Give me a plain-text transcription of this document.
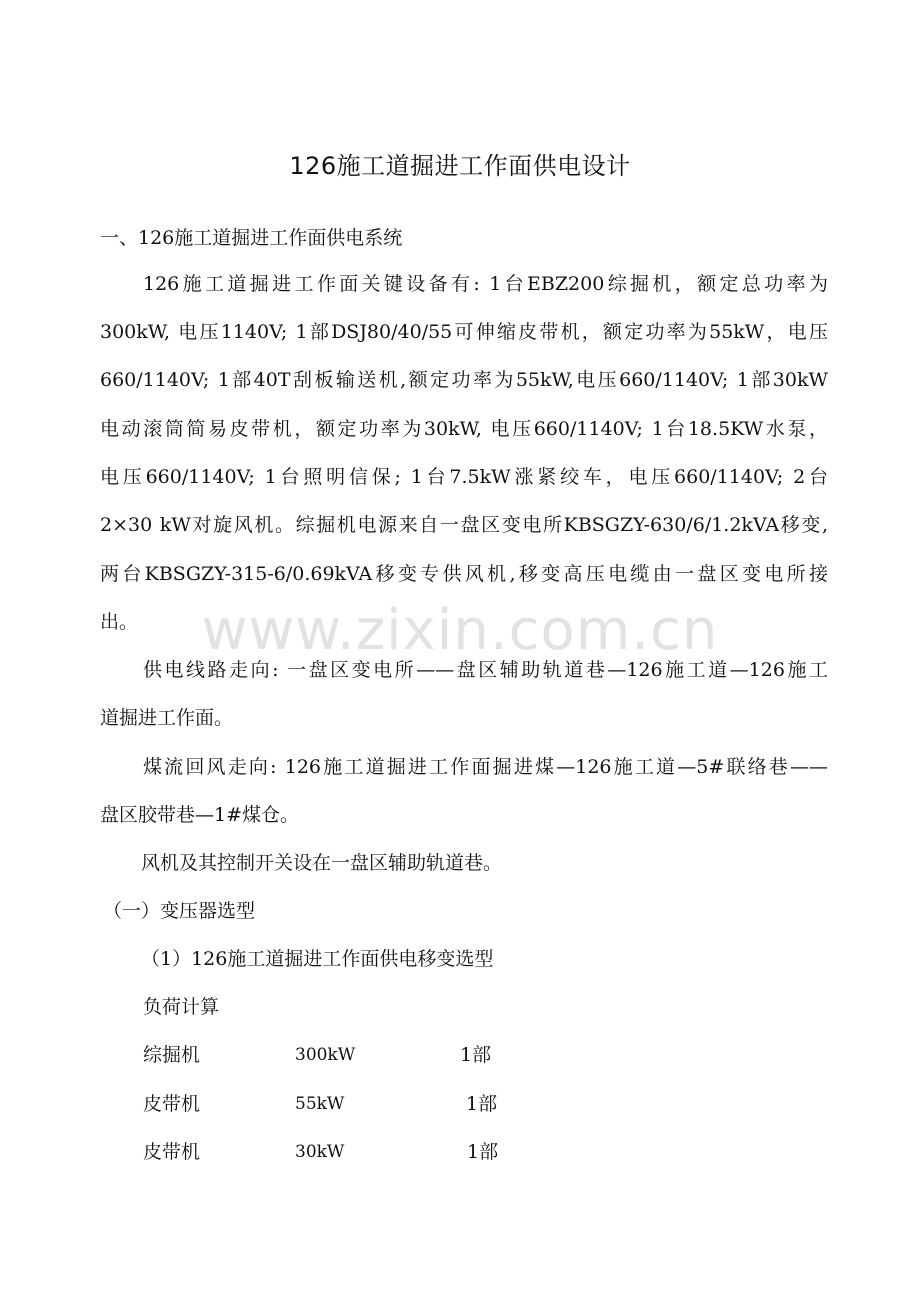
www.zixin.com.cn
126施工道掘进工作面供电设计
一、126施工道掘进工作面供电系统
126施工道掘进工作面关键设备有: 1台EBZ200综掘机，额定总功率为
300kW, 电压1140V; 1部DSJ80/40/55可伸缩皮带机，额定功率为55kW，电压
660/1140V; 1部40T刮板输送机,额定功率为55kW,电压660/1140V; 1部30kW
电动滚筒简易皮带机，额定功率为30kW, 电压660/1140V; 1台18.5KW水泵，
电压660/1140V; 1台照明信保; 1台7.5kW涨紧绞车，电压660/1140V; 2台
2×30 kW对旋风机。综掘机电源来自一盘区变电所KBSGZY-630/6/1.2kVA移变,
两台KBSGZY-315-6/0.69kVA移变专供风机,移变高压电缆由一盘区变电所接
出。
供电线路走向: 一盘区变电所——盘区辅助轨道巷—126施工道—126施工
道掘进工作面。
煤流回风走向: 126施工道掘进工作面掘进煤—126施工道—5#联络巷——
盘区胶带巷—1#煤仓。
风机及其控制开关设在一盘区辅助轨道巷。
（一）变压器选型
（1）126施工道掘进工作面供电移变选型
负荷计算
综掘机	300kW	1部
皮带机	55kW	1部
皮带机	30kW	1部
